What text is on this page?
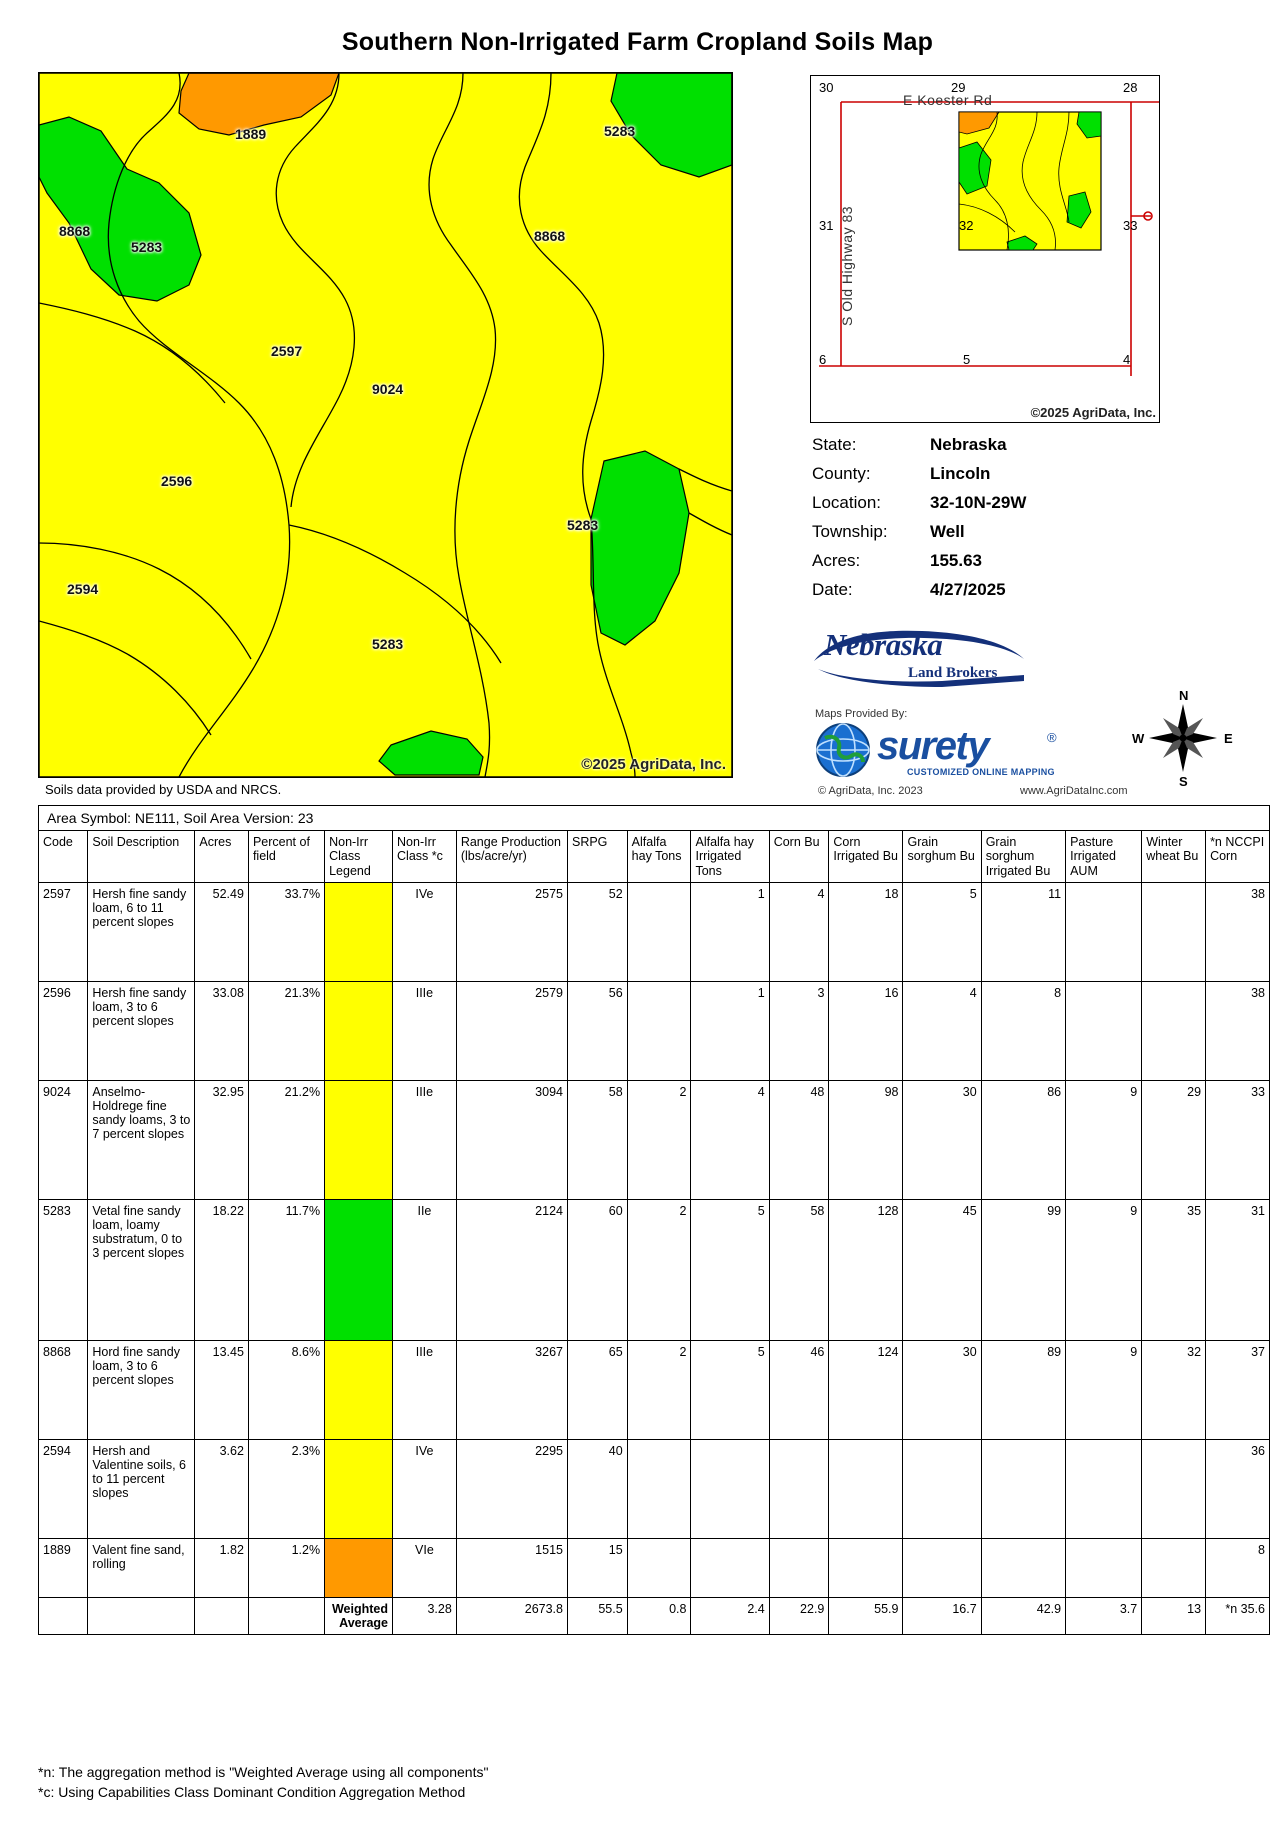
Southern Non-Irrigated Farm Cropland Soils Map
©2025 AgriData, Inc.
1889	5283
8868
5283
8868
2597
9024
2596
5283
2594
5283
Soils data provided by USDA and NRCS.
30	29	28
31	32	33
6	5	4
E Koester Rd
S Old Highway 83
©2025 AgriData, Inc.
State:	Nebraska
County:	Lincoln
Location:	32-10N-29W
Township:	Well
Acres:	155.63
Date:	4/27/2025
Nebraska
Land Brokers
Maps Provided By:
surety	®
CUSTOMIZED ONLINE MAPPING
© AgriData, Inc. 2023	www.AgriDataInc.com
N
S
E
W
Area Symbol: NE111, Soil Area Version: 23
Code	Soil Description	Acres	Percent of field	Non-Irr Class Legend	Non-Irr Class *c	Range Production (lbs/acre/yr)	SRPG	Alfalfa hay Tons	Alfalfa hay Irrigated Tons	Corn Bu	Corn Irrigated Bu	Grain sorghum Bu	Grain sorghum Irrigated Bu	Pasture Irrigated AUM	Winter wheat Bu	*n NCCPI Corn
2597	Hersh fine sandy loam, 6 to 11 percent slopes	52.49	33.7%		IVe	2575	52		1	4	18	5	11			38
2596	Hersh fine sandy loam, 3 to 6 percent slopes	33.08	21.3%		IIIe	2579	56		1	3	16	4	8			38
9024	Anselmo-Holdrege fine sandy loams, 3 to 7 percent slopes	32.95	21.2%		IIIe	3094	58	2	4	48	98	30	86	9	29	33
5283	Vetal fine sandy loam, loamy substratum, 0 to 3 percent slopes	18.22	11.7%		IIe	2124	60	2	5	58	128	45	99	9	35	31
8868	Hord fine sandy loam, 3 to 6 percent slopes	13.45	8.6%		IIIe	3267	65	2	5	46	124	30	89	9	32	37
2594	Hersh and Valentine soils, 6 to 11 percent slopes	3.62	2.3%		IVe	2295	40									36
1889	Valent fine sand, rolling	1.82	1.2%		VIe	1515	15									8
				Weighted Average	3.28	2673.8	55.5	0.8	2.4	22.9	55.9	16.7	42.9	3.7	13	*n 35.6
*n: The aggregation method is "Weighted Average using all components"
*c: Using Capabilities Class Dominant Condition Aggregation Method
